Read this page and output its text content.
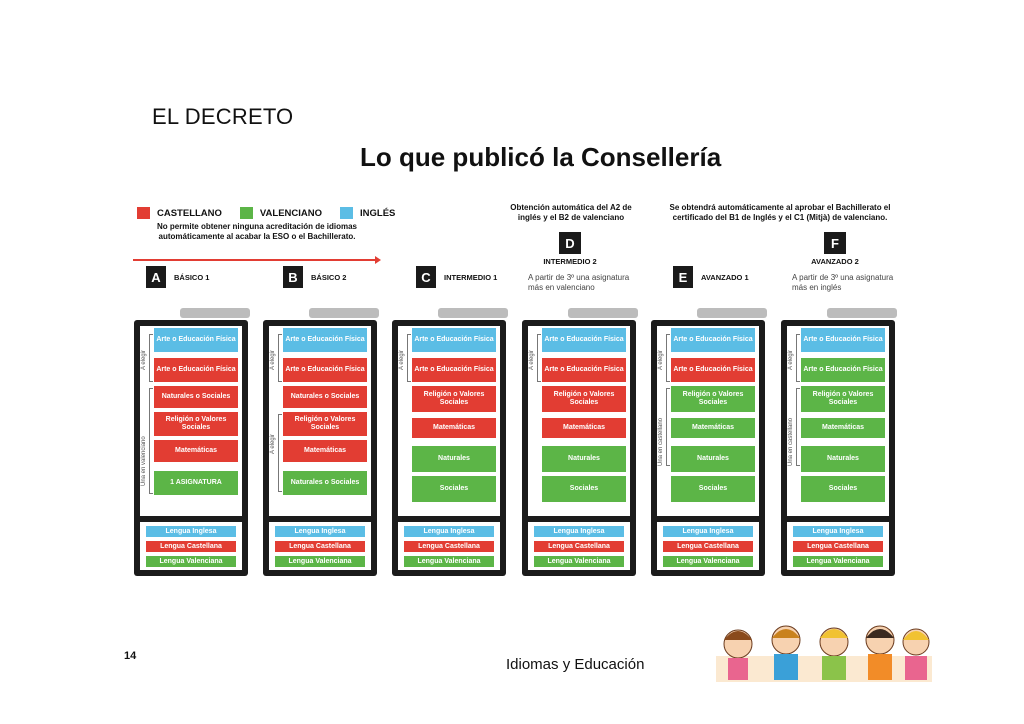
EL DECRETO
Lo que publicó la Consellería
CASTELLANO	VALENCIANO	INGLÉS
No permite obtener ninguna acreditación de idiomas automáticamente al acabar la ESO o el Bachillerato.
Obtención automática del A2 de inglés y el B2 de valenciano
Se obtendrá automáticamente al aprobar el Bachillerato el certificado del B1 de Inglés y el C1 (Mitjà) de valenciano.
A	BÁSICO 1	B	BÁSICO 2	C	INTERMEDIO 1
D
INTERMEDIO 2
A partir de 3º una asignatura más en valenciano
E	AVANZADO 1
F
AVANZADO 2
A partir de 3º una asignatura más en inglés
Arte o Educación Física
Arte o Educación Física
Naturales o Sociales
Religión o Valores Sociales
Matemáticas
1 ASIGNATURA
A elegir
Una en valenciano
Lengua Inglesa
Lengua Castellana
Lengua Valenciana
Arte o Educación Física
Arte o Educación Física
Naturales o Sociales
Religión o Valores Sociales
Matemáticas
Naturales o Sociales
A elegir
A elegir
Lengua Inglesa
Lengua Castellana
Lengua Valenciana
Arte o Educación Física
Arte o Educación Física
Religión o Valores Sociales
Matemáticas
Naturales
Sociales
A elegir
Lengua Inglesa
Lengua Castellana
Lengua Valenciana
Arte o Educación Física
Arte o Educación Física
Religión o Valores Sociales
Matemáticas
Naturales
Sociales
A elegir
Lengua Inglesa
Lengua Castellana
Lengua Valenciana
Arte o Educación Física
Arte o Educación Física
Religión o Valores Sociales
Matemáticas
Naturales
Sociales
A elegir
Una en castellano
Lengua Inglesa
Lengua Castellana
Lengua Valenciana
Arte o Educación Física
Arte o Educación Física
Religión o Valores Sociales
Matemáticas
Naturales
Sociales
A elegir
Una en castellano
Lengua Inglesa
Lengua Castellana
Lengua Valenciana
14	Idiomas y Educación
